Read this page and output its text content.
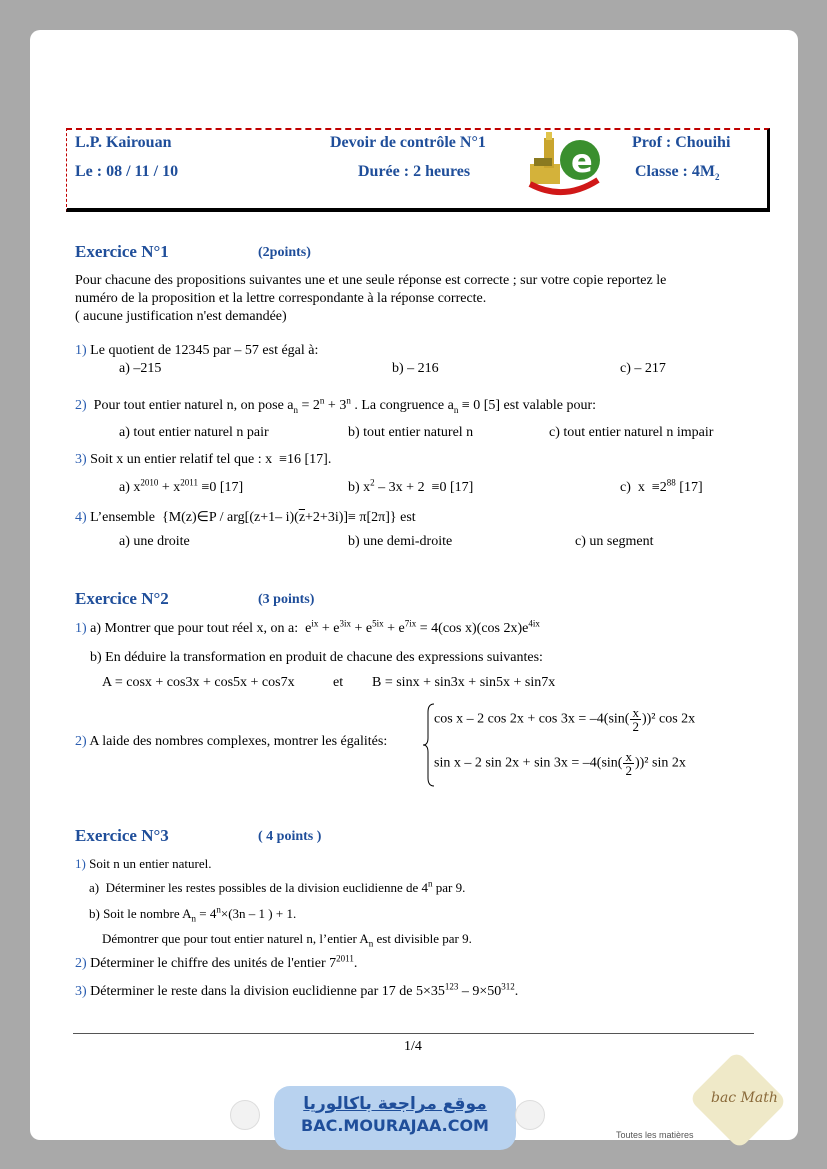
L.P. Kairouan
Le : 08 / 11 / 10
Devoir de contrôle N°1
Durée : 2 heures
Prof : Chouihi
Classe : $4M_2$
e
Exercice N°1	(2points)
Pour chacune des propositions suivantes une et une seule réponse est correcte ; sur votre copie reportez le
numéro de la proposition et la lettre correspondante à la réponse correcte.
( aucune justification n'est demandée)
1) Le quotient de 12345 par – 57 est égal à:
a) –215	b) – 216	c) – 217
2)  Pour tout entier naturel n, on pose $a_n = 2^n + 3^n$ . La congruence $a_n \equiv 0$ [5] est valable pour:
a) tout entier naturel n pair	b) tout entier naturel n	c) tout entier naturel n impair
3) Soit x un entier relatif tel que : x  ≡16 [17].
a) $x^{2010} + x^{2011} \equiv 0$ [17]	b) $x^2 - 3x + 2 \equiv 0$ [17]	c)  $x \equiv 2^{88}$ [17]
4) L’ensemble  {M(z)∈P / arg[(z+1– $i)(\overline{z}+2+3i)]\equiv \pi[2\pi]$} est
a) une droite	b) une demi-droite	c) un segment
Exercice N°2	(3 points)
1) a) Montrer que pour tout réel x, on a:  $e^{ix} + e^{3ix} + e^{5ix} + e^{7ix} = 4(\cos$ x)(cos $2x)e^{4ix}$
b) En déduire la transformation en produit de chacune des expressions suivantes:
A = cosx + cos3x + cos5x + cos7x	et B = sinx + sin3x + sin5x + sin7x
2) A laide des nombres complexes, montrer les égalités:
cos x – 2 $\cos 2x + \cos 3x = -4(\sin( \frac{x}{2} ))^2$ cos 2x
sin x – 2 $\sin 2x + \sin 3x = -4(\sin( \frac{x}{2} ))^2$ sin 2x
Exercice N°3	( 4 points )
1) Soit n un entier naturel.
a)  Déterminer les restes possibles de la division euclidienne de 4$^n$ par 9.
b) Soit le nombre $A_n = 4^n\times(3n - 1$ ) + 1.
Démontrer que pour tout entier naturel n, l’entier $A_n$ est divisible par 9.
2) Déterminer le chiffre des unités de l'entier $7^{2011}$.
3) Déterminer le reste dans la division euclidienne par 17 de $5\times 35^{123} - 9\times 50^{312}$.
1/4
موقع مراجعة باكالوريا
BAC.MOURAJAA.COM
bac Math
Toutes les matières
